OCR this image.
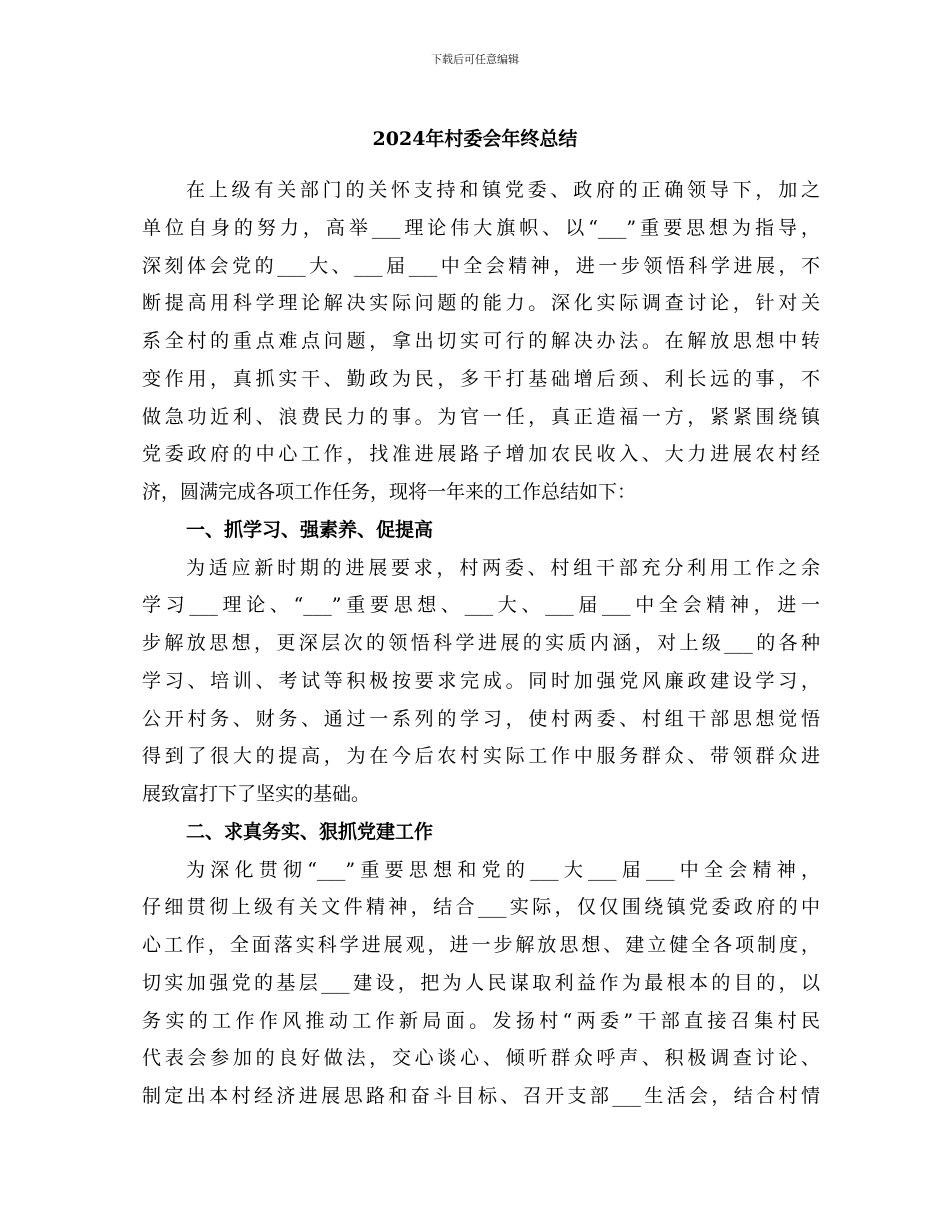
下载后可任意编辑
2024年村委会年终总结
在上级有关部门的关怀支持和镇党委、政府的正确领导下，加之
单位自身的努力，高举___理论伟大旗帜、以“___”重要思想为指导，
深刻体会党的___大、___届___中全会精神，进一步领悟科学进展，不
断提高用科学理论解决实际问题的能力。深化实际调查讨论，针对关
系全村的重点难点问题，拿出切实可行的解决办法。在解放思想中转
变作用，真抓实干、勤政为民，多干打基础增后颈、利长远的事，不
做急功近利、浪费民力的事。为官一任，真正造福一方，紧紧围绕镇
党委政府的中心工作，找准进展路子增加农民收入、大力进展农村经
济，圆满完成各项工作任务，现将一年来的工作总结如下：
一、抓学习、强素养、促提高
为适应新时期的进展要求，村两委、村组干部充分利用工作之余
学习___理论、“___”重要思想、___大、___届___中全会精神，进一
步解放思想，更深层次的领悟科学进展的实质内涵，对上级___的各种
学习、培训、考试等积极按要求完成。同时加强党风廉政建设学习，
公开村务、财务、通过一系列的学习，使村两委、村组干部思想觉悟
得到了很大的提高，为在今后农村实际工作中服务群众、带领群众进
展致富打下了坚实的基础。
二、求真务实、狠抓党建工作
为深化贯彻“___”重要思想和党的___大___届___中全会精神，
仔细贯彻上级有关文件精神，结合___实际，仅仅围绕镇党委政府的中
心工作，全面落实科学进展观，进一步解放思想、建立健全各项制度，
切实加强党的基层___建设，把为人民谋取利益作为最根本的目的，以
务实的工作作风推动工作新局面。发扬村“两委”干部直接召集村民
代表会参加的良好做法，交心谈心、倾听群众呼声、积极调查讨论、
制定出本村经济进展思路和奋斗目标、召开支部___生活会，结合村情
